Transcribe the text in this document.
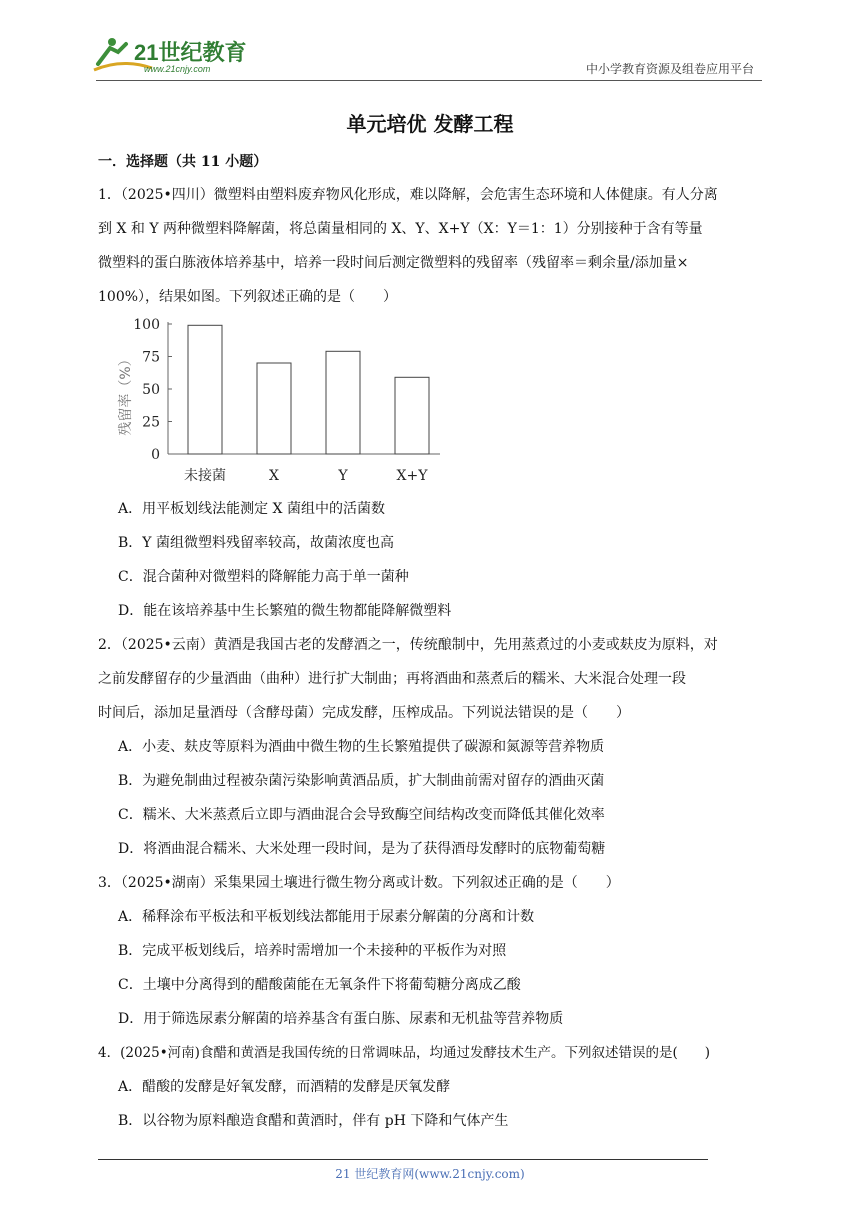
21世纪教育
www.21cnjy.com	中小学教育资源及组卷应用平台
单元培优 发酵工程
一．选择题（共 11 小题）
1．（2025•四川）微塑料由塑料废弃物风化形成，难以降解，会危害生态环境和人体健康。有人分离
到 X 和 Y 两种微塑料降解菌，将总菌量相同的 X、Y、X+Y（X：Y＝1：1）分别接种于含有等量
微塑料的蛋白胨液体培养基中，培养一段时间后测定微塑料的残留率（残留率＝剩余量/添加量×
100%），结果如图。下列叙述正确的是（　　）
100
75
50
25
0
残留率（%）
未接菌	X	Y	X+Y
A．用平板划线法能测定 X 菌组中的活菌数
B．Y 菌组微塑料残留率较高，故菌浓度也高
C．混合菌种对微塑料的降解能力高于单一菌种
D．能在该培养基中生长繁殖的微生物都能降解微塑料
2．（2025•云南）黄酒是我国古老的发酵酒之一，传统酿制中，先用蒸煮过的小麦或麸皮为原料，对
之前发酵留存的少量酒曲（曲种）进行扩大制曲；再将酒曲和蒸煮后的糯米、大米混合处理一段
时间后，添加足量酒母（含酵母菌）完成发酵，压榨成品。下列说法错误的是（　　）
A．小麦、麸皮等原料为酒曲中微生物的生长繁殖提供了碳源和氮源等营养物质
B．为避免制曲过程被杂菌污染影响黄酒品质，扩大制曲前需对留存的酒曲灭菌
C．糯米、大米蒸煮后立即与酒曲混合会导致酶空间结构改变而降低其催化效率
D．将酒曲混合糯米、大米处理一段时间，是为了获得酒母发酵时的底物葡萄糖
3．（2025•湖南）采集果园土壤进行微生物分离或计数。下列叙述正确的是（　　）
A．稀释涂布平板法和平板划线法都能用于尿素分解菌的分离和计数
B．完成平板划线后，培养时需增加一个未接种的平板作为对照
C．土壤中分离得到的醋酸菌能在无氧条件下将葡萄糖分离成乙酸
D．用于筛选尿素分解菌的培养基含有蛋白胨、尿素和无机盐等营养物质
4．(2025•河南)食醋和黄酒是我国传统的日常调味品，均通过发酵技术生产。下列叙述错误的是(　　)
A．醋酸的发酵是好氧发酵，而酒精的发酵是厌氧发酵
B．以谷物为原料酿造食醋和黄酒时，伴有 pH 下降和气体产生
21 世纪教育网(www.21cnjy.com)
